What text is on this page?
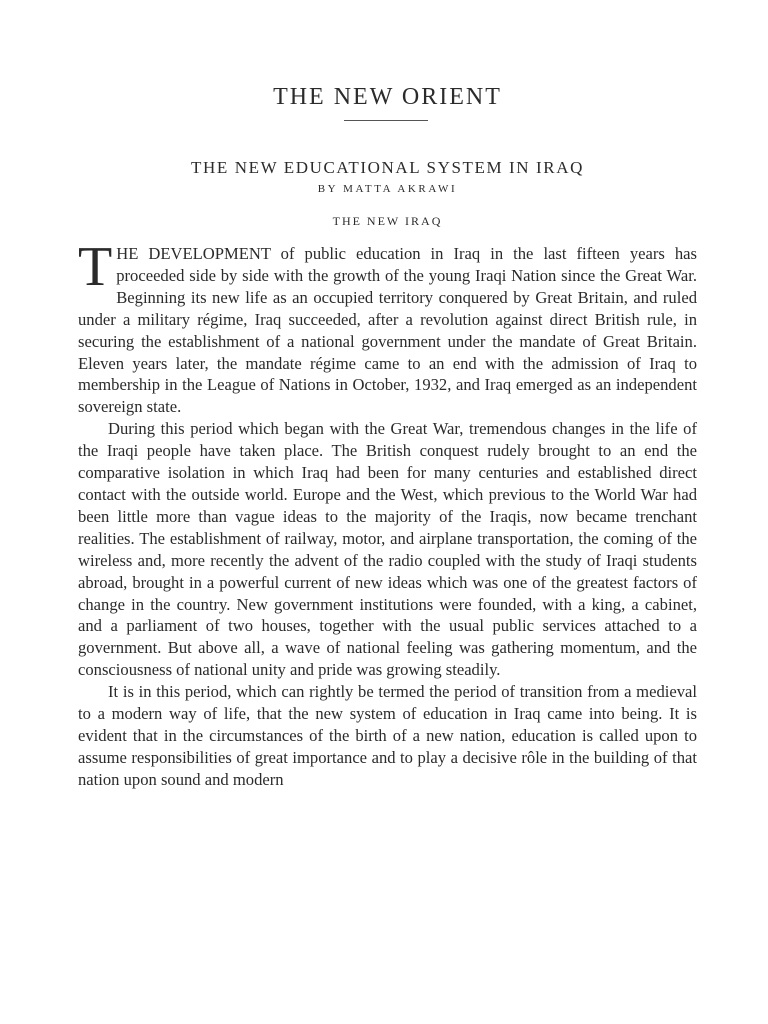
THE NEW ORIENT
THE NEW EDUCATIONAL SYSTEM IN IRAQ
BY MATTA AKRAWI
THE NEW IRAQ

THE DEVELOPMENT of public education in Iraq in the last fifteen years has proceeded side by side with the growth of the young Iraqi Nation since the Great War. Beginning its new life as an occupied territory conquered by Great Britain, and ruled under a military régime, Iraq succeeded, after a revolution against direct British rule, in securing the establishment of a national government under the mandate of Great Britain. Eleven years later, the mandate régime came to an end with the admission of Iraq to membership in the League of Nations in October, 1932, and Iraq emerged as an independent sovereign state.

During this period which began with the Great War, tremendous changes in the life of the Iraqi people have taken place. The British conquest rudely brought to an end the comparative isolation in which Iraq had been for many centuries and established direct contact with the outside world. Europe and the West, which previous to the World War had been little more than vague ideas to the majority of the Iraqis, now became trenchant realities. The establishment of railway, motor, and airplane transportation, the coming of the wireless and, more recently the advent of the radio coupled with the study of Iraqi students abroad, brought in a powerful current of new ideas which was one of the greatest factors of change in the country. New government institutions were founded, with a king, a cabinet, and a parliament of two houses, together with the usual public services attached to a government. But above all, a wave of national feeling was gathering momentum, and the consciousness of national unity and pride was growing steadily.

It is in this period, which can rightly be termed the period of transition from a medieval to a modern way of life, that the new system of education in Iraq came into being. It is evident that in the circumstances of the birth of a new nation, education is called upon to assume responsibilities of great importance and to play a decisive rôle in the building of that nation upon sound and modern
